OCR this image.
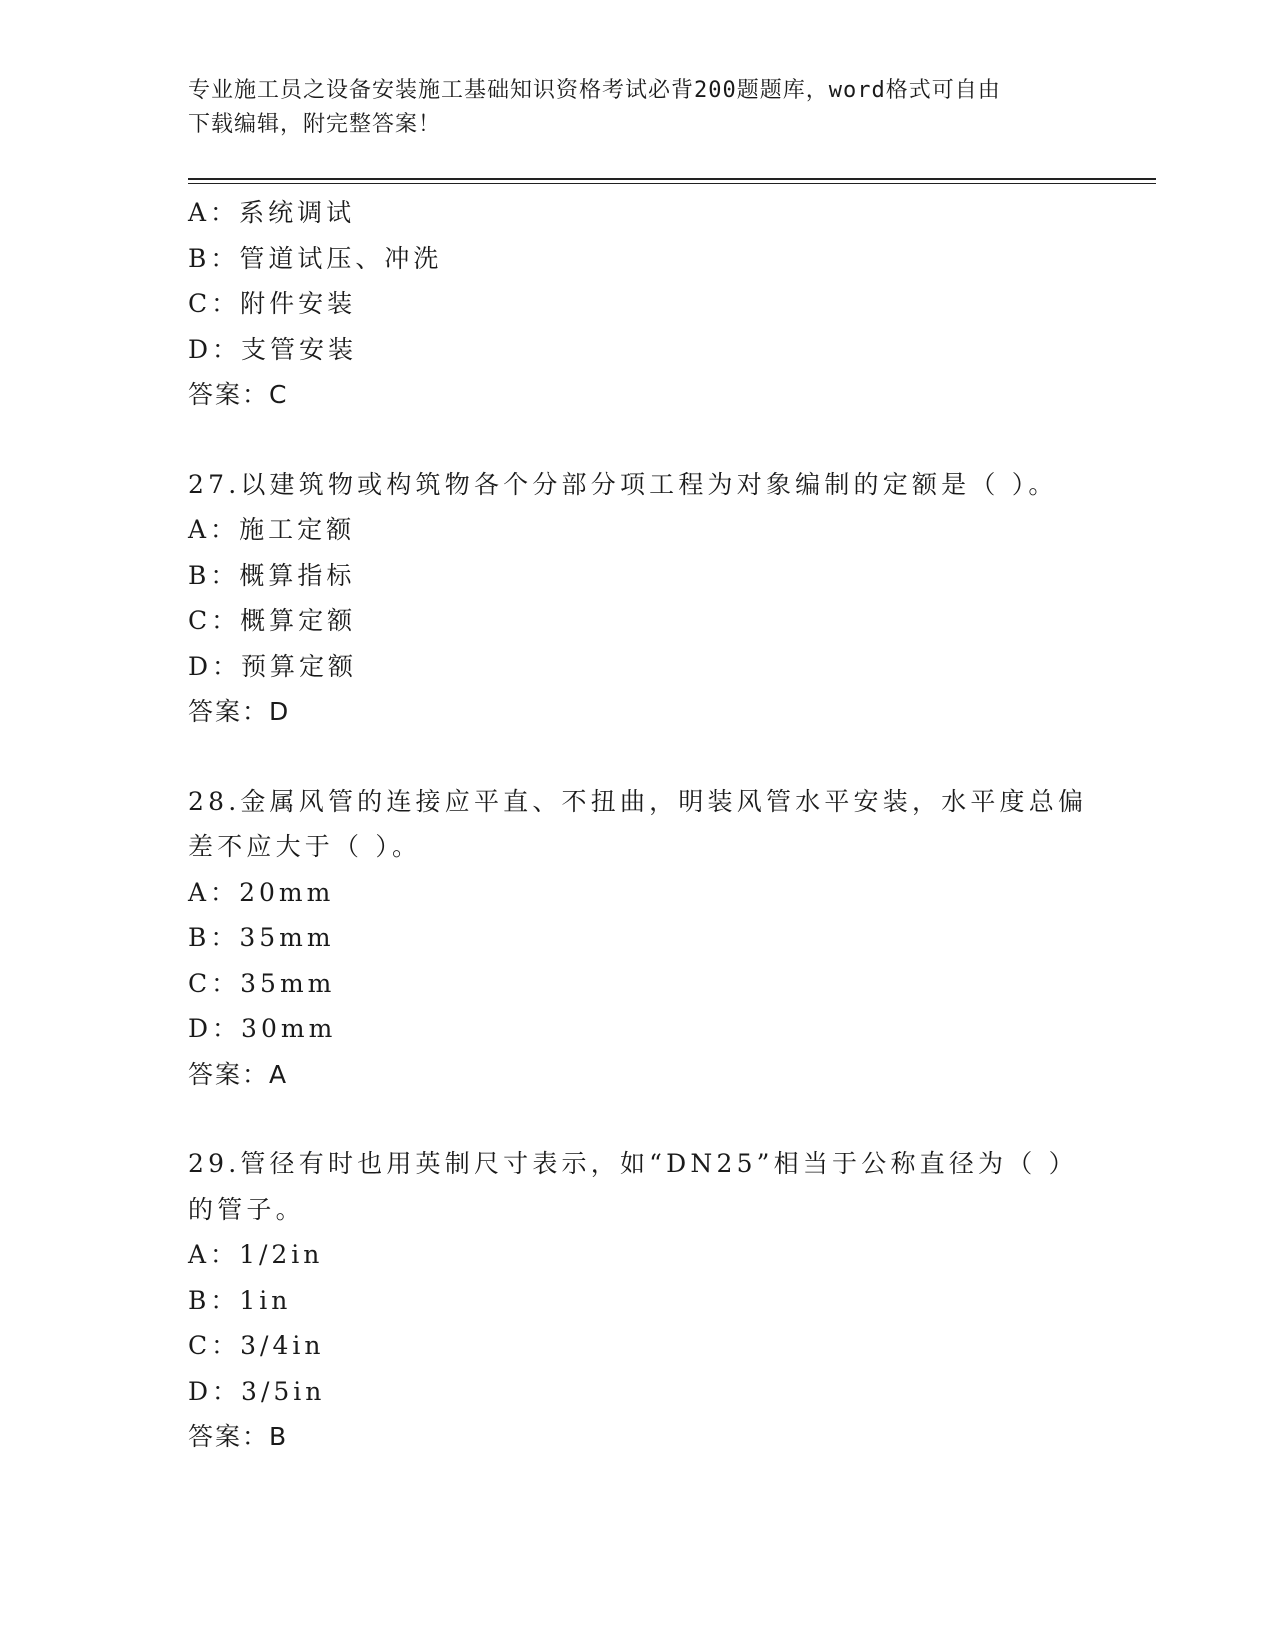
专业施工员之设备安装施工基础知识资格考试必背200题题库，word格式可自由
下载编辑，附完整答案！
A：系统调试
B：管道试压、冲洗
C：附件安装
D：支管安装
答案：C
27.以建筑物或构筑物各个分部分项工程为对象编制的定额是（ ）。
A：施工定额
B：概算指标
C：概算定额
D：预算定额
答案：D
28.金属风管的连接应平直、不扭曲，明装风管水平安装，水平度总偏
差不应大于（ ）。
A：20mm
B：35mm
C：35mm
D：30mm
答案：A
29.管径有时也用英制尺寸表示，如“DN25”相当于公称直径为（ ）
的管子。
A：1/2in
B：1in
C：3/4in
D：3/5in
答案：B
